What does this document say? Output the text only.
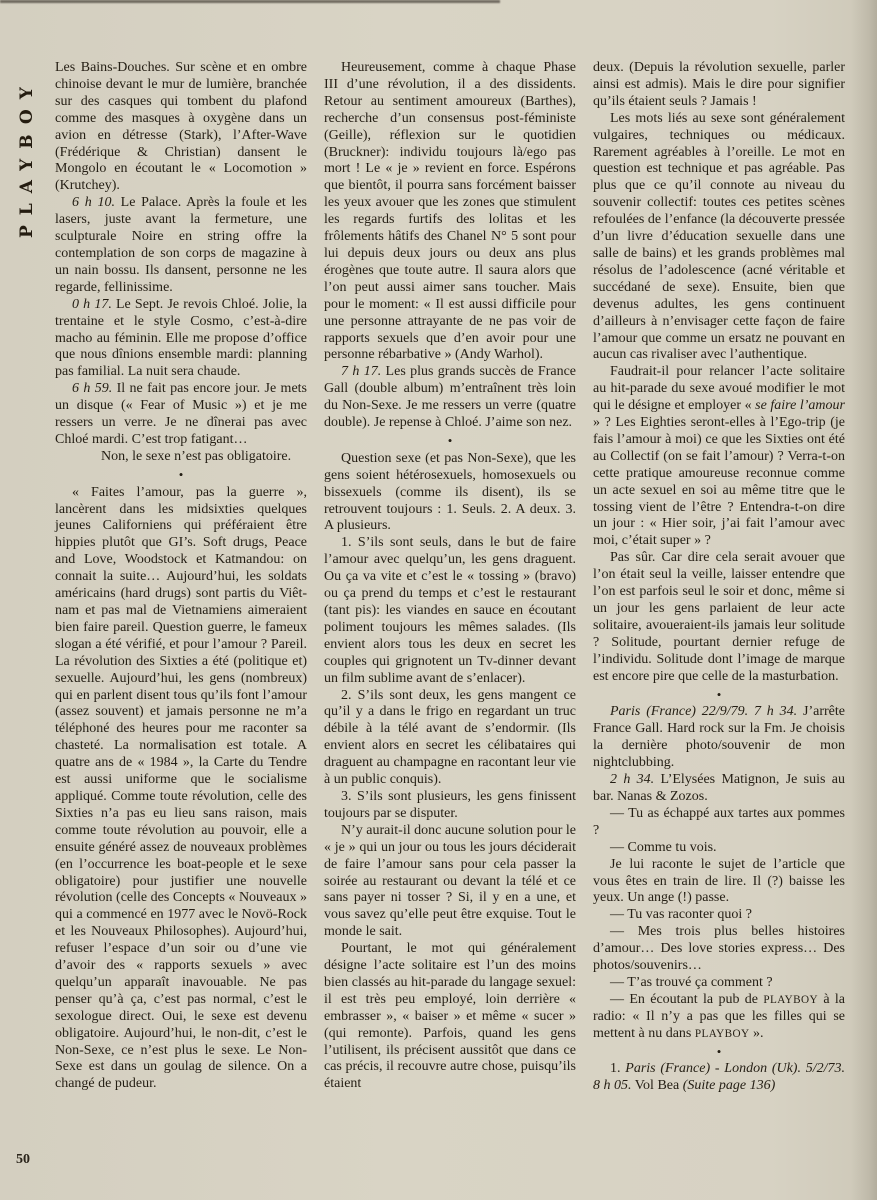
PLAYBOY
50

Les Bains-Douches. Sur scène et en ombre chinoise devant le mur de lumière, branchée sur des casques qui tombent du plafond comme des masques à oxygène dans un avion en détresse (Stark), l’After-Wave (Frédérique & Christian) dansent le Mongolo en écoutant le « Locomotion » (Krutchey).

6 h 10. Le Palace. Après la foule et les lasers, juste avant la fermeture, une sculpturale Noire en string offre la contemplation de son corps de magazine à un nain bossu. Ils dansent, personne ne les regarde, fellinissime.

0 h 17. Le Sept. Je revois Chloé. Jolie, la trentaine et le style Cosmo, c’est-à-dire macho au féminin. Elle me propose d’office que nous dînions ensemble mardi: planning pas familial. La nuit sera chaude.

6 h 59. Il ne fait pas encore jour. Je mets un disque (« Fear of Music ») et je me ressers un verre. Je ne dînerai pas avec Chloé mardi. C’est trop fatigant…

Non, le sexe n’est pas obligatoire.

•

« Faites l’amour, pas la guerre », lancèrent dans les midsixties quelques jeunes Californiens qui préféraient être hippies plutôt que GI’s. Soft drugs, Peace and Love, Woodstock et Katmandou: on connait la suite… Aujourd’hui, les soldats américains (hard drugs) sont partis du Viêt-nam et pas mal de Vietnamiens aimeraient bien faire pareil. Question guerre, le fameux slogan a été vérifié, et pour l’amour ? Pareil. La révolution des Sixties a été (politique et) sexuelle. Aujourd’hui, les gens (nombreux) qui en parlent disent tous qu’ils font l’amour (assez souvent) et jamais personne ne m’a téléphoné des heures pour me raconter sa chasteté. La normalisation est totale. A quatre ans de « 1984 », la Carte du Tendre est aussi uniforme que le socialisme appliqué. Comme toute révolution, celle des Sixties n’a pas eu lieu sans raison, mais comme toute révolution au pouvoir, elle a ensuite généré assez de nouveaux problèmes (en l’occurrence les boat-people et le sexe obligatoire) pour justifier une nouvelle révolution (celle des Concepts « Nouveaux » qui a commencé en 1977 avec le Novö-Rock et les Nouveaux Philosophes). Aujourd’hui, refuser l’espace d’un soir ou d’une vie d’avoir des « rapports sexuels » avec quelqu’un apparaît inavouable. Ne pas penser qu’à ça, c’est pas normal, c’est le sexologue direct. Oui, le sexe est devenu obligatoire. Aujourd’hui, le non-dit, c’est le Non-Sexe, ce n’est plus le sexe. Le Non-Sexe est dans un goulag de silence. On a changé de pudeur.

Heureusement, comme à chaque Phase III d’une révolution, il a des dissidents. Retour au sentiment amoureux (Barthes), recherche d’un consensus post-féministe (Geille), réflexion sur le quotidien (Bruckner): individu toujours là/ego pas mort ! Le « je » revient en force. Espérons que bientôt, il pourra sans forcément baisser les yeux avouer que les zones que stimulent les regards furtifs des lolitas et les frôlements hâtifs des Chanel N° 5 sont pour lui depuis deux jours ou deux ans plus érogènes que toute autre. Il saura alors que l’on peut aussi aimer sans toucher. Mais pour le moment: « Il est aussi difficile pour une personne attrayante de ne pas voir de rapports sexuels que d’en avoir pour une personne rébarbative » (Andy Warhol).

7 h 17. Les plus grands succès de France Gall (double album) m’entraînent très loin du Non-Sexe. Je me ressers un verre (quatre double). Je repense à Chloé. J’aime son nez.

•

Question sexe (et pas Non-Sexe), que les gens soient hétérosexuels, homosexuels ou bissexuels (comme ils disent), ils se retrouvent toujours : 1. Seuls. 2. A deux. 3. A plusieurs.

1. S’ils sont seuls, dans le but de faire l’amour avec quelqu’un, les gens draguent. Ou ça va vite et c’est le « tossing » (bravo) ou ça prend du temps et c’est le restaurant (tant pis): les viandes en sauce en écoutant poliment toujours les mêmes salades. (Ils envient alors tous les deux en secret les couples qui grignotent un Tv-dinner devant un film sublime avant de s’enlacer).

2. S’ils sont deux, les gens mangent ce qu’il y a dans le frigo en regardant un truc débile à la télé avant de s’endormir. (Ils envient alors en secret les célibataires qui draguent au champagne en racontant leur vie à un public conquis).

3. S’ils sont plusieurs, les gens finissent toujours par se disputer.

N’y aurait-il donc aucune solution pour le « je » qui un jour ou tous les jours déciderait de faire l’amour sans pour cela passer la soirée au restaurant ou devant la télé et ce sans payer ni tosser ? Si, il y en a une, et vous savez qu’elle peut être exquise. Tout le monde le sait.

Pourtant, le mot qui généralement désigne l’acte solitaire est l’un des moins bien classés au hit-parade du langage sexuel: il est très peu employé, loin derrière « embrasser », « baiser » et même « sucer » (qui remonte). Parfois, quand les gens l’utilisent, ils précisent aussitôt que dans ce cas précis, il recouvre autre chose, puisqu’ils étaient

deux. (Depuis la révolution sexuelle, parler ainsi est admis). Mais le dire pour signifier qu’ils étaient seuls ? Jamais !

Les mots liés au sexe sont généralement vulgaires, techniques ou médicaux. Rarement agréables à l’oreille. Le mot en question est technique et pas agréable. Pas plus que ce qu’il connote au niveau du souvenir collectif: toutes ces petites scènes refoulées de l’enfance (la découverte pressée d’un livre d’éducation sexuelle dans une salle de bains) et les grands problèmes mal résolus de l’adolescence (acné véritable et succédané de sexe). Ensuite, bien que devenus adultes, les gens continuent d’ailleurs à n’envisager cette façon de faire l’amour que comme un ersatz ne pouvant en aucun cas rivaliser avec l’authentique.

Faudrait-il pour relancer l’acte solitaire au hit-parade du sexe avoué modifier le mot qui le désigne et employer « se faire l’amour » ? Les Eighties seront-elles à l’Ego-trip (je fais l’amour à moi) ce que les Sixties ont été au Collectif (on se fait l’amour) ? Verra-t-on cette pratique amoureuse reconnue comme un acte sexuel en soi au même titre que le tossing vient de l’être ? Entendra-t-on dire un jour : « Hier soir, j’ai fait l’amour avec moi, c’était super » ?

Pas sûr. Car dire cela serait avouer que l’on était seul la veille, laisser entendre que l’on est parfois seul le soir et donc, même si un jour les gens parlaient de leur acte solitaire, avoueraient-ils jamais leur solitude ? Solitude, pourtant dernier refuge de l’individu. Solitude dont l’image de marque est encore pire que celle de la masturbation.

•

Paris (France) 22/9/79. 7 h 34. J’arrête France Gall. Hard rock sur la Fm. Je choisis la dernière photo/souvenir de mon nightclubbing.

2 h 34. L’Elysées Matignon, Je suis au bar. Nanas & Zozos.

— Tu as échappé aux tartes aux pommes ?

— Comme tu vois.

Je lui raconte le sujet de l’article que vous êtes en train de lire. Il (?) baisse les yeux. Un ange (!) passe.

— Tu vas raconter quoi ?

— Mes trois plus belles histoires d’amour… Des love stories express… Des photos/souvenirs…

— T’as trouvé ça comment ?

— En écoutant la pub de PLAYBOY à la radio: « Il n’y a pas que les filles qui se mettent à nu dans PLAYBOY ».

•

1. Paris (France) - London (Uk). 5/2/73. 8 h 05. Vol Bea (Suite page 136)
